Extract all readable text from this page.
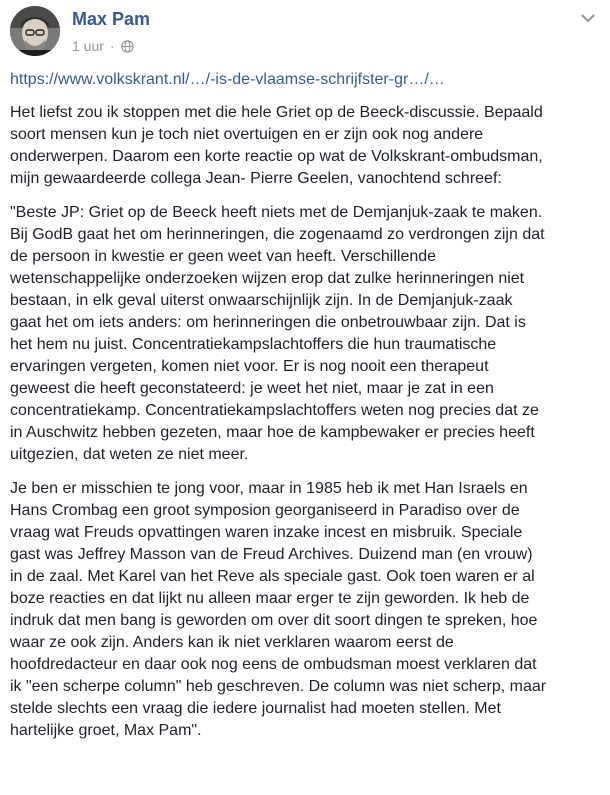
Max Pam
1 uur ·
https://www.volkskrant.nl/…/-is-de-vlaamse-schrijfster-gr…/…

Het liefst zou ik stoppen met die hele Griet op de Beeck-discussie. Bepaald
soort mensen kun je toch niet overtuigen en er zijn ook nog andere
onderwerpen. Daarom een korte reactie op wat de Volkskrant-ombudsman,
mijn gewaardeerde collega Jean- Pierre Geelen, vanochtend schreef:

"Beste JP: Griet op de Beeck heeft niets met de Demjanjuk-zaak te maken.
Bij GodB gaat het om herinneringen, die zogenaamd zo verdrongen zijn dat
de persoon in kwestie er geen weet van heeft. Verschillende
wetenschappelijke onderzoeken wijzen erop dat zulke herinneringen niet
bestaan, in elk geval uiterst onwaarschijnlijk zijn. In de Demjanjuk-zaak
gaat het om iets anders: om herinneringen die onbetrouwbaar zijn. Dat is
het hem nu juist. Concentratiekampslachtoffers die hun traumatische
ervaringen vergeten, komen niet voor. Er is nog nooit een therapeut
geweest die heeft geconstateerd: je weet het niet, maar je zat in een
concentratiekamp. Concentratiekampslachtoffers weten nog precies dat ze
in Auschwitz hebben gezeten, maar hoe de kampbewaker er precies heeft
uitgezien, dat weten ze niet meer.

Je ben er misschien te jong voor, maar in 1985 heb ik met Han Israels en
Hans Crombag een groot symposion georganiseerd in Paradiso over de
vraag wat Freuds opvattingen waren inzake incest en misbruik. Speciale
gast was Jeffrey Masson van de Freud Archives. Duizend man (en vrouw)
in de zaal. Met Karel van het Reve als speciale gast. Ook toen waren er al
boze reacties en dat lijkt nu alleen maar erger te zijn geworden. Ik heb de
indruk dat men bang is geworden om over dit soort dingen te spreken, hoe
waar ze ook zijn. Anders kan ik niet verklaren waarom eerst de
hoofdredacteur en daar ook nog eens de ombudsman moest verklaren dat
ik "een scherpe column" heb geschreven. De column was niet scherp, maar
stelde slechts een vraag die iedere journalist had moeten stellen. Met
hartelijke groet, Max Pam".
